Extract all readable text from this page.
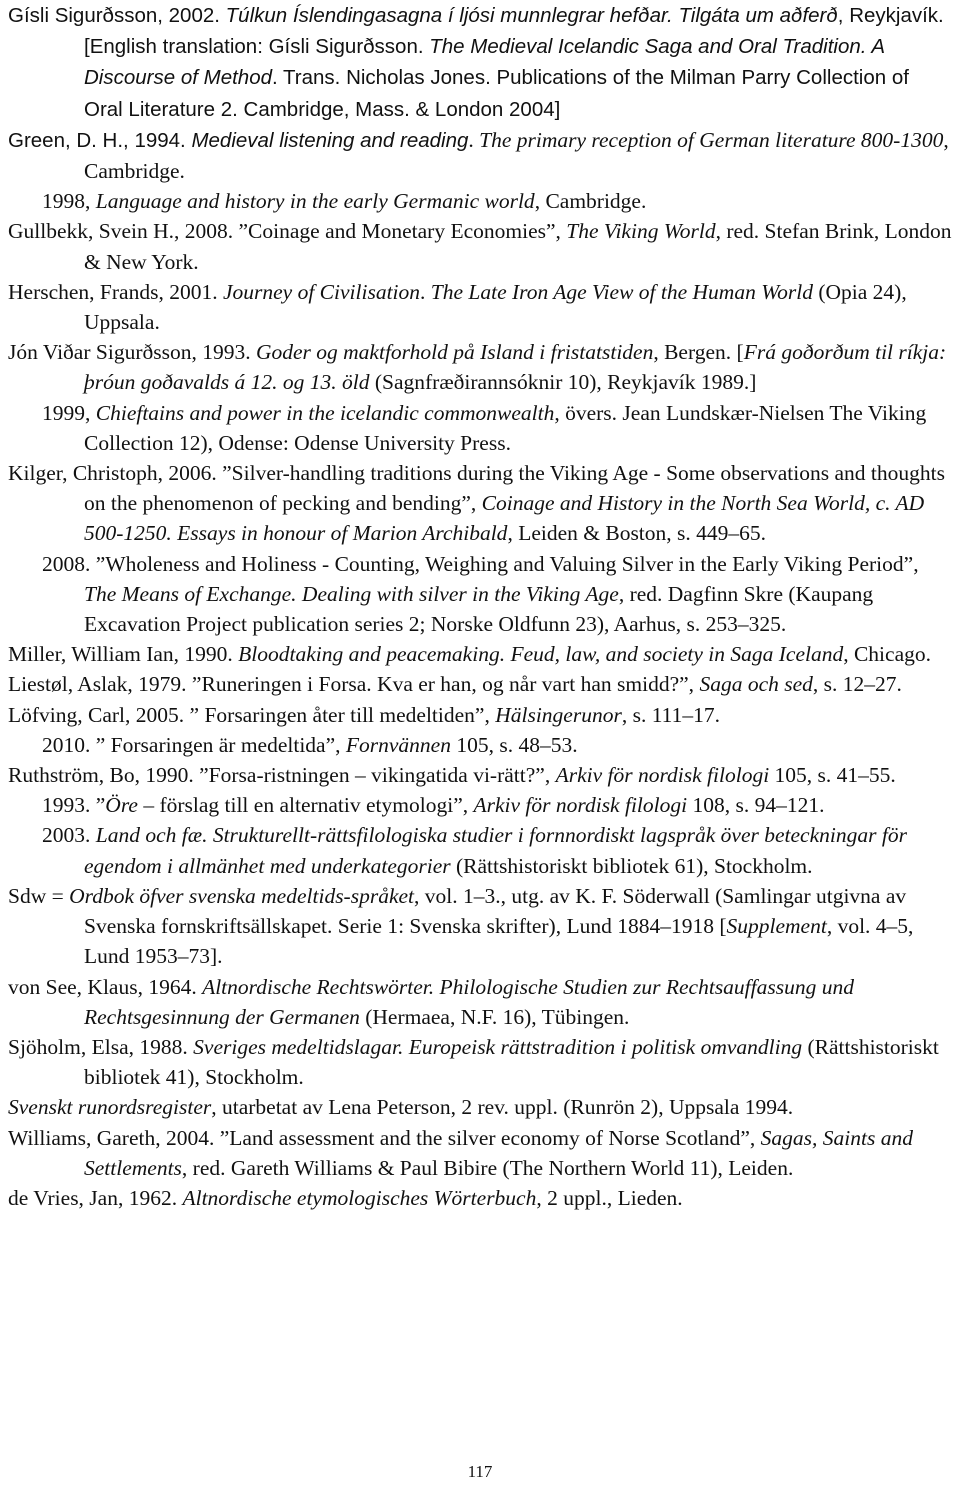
Gísli Sigurðsson, 2002. Túlkun Íslendingasagna í ljósi munnlegrar hefðar. Tilgáta um aðferð, Reykjavík. [English translation: Gísli Sigurðsson. The Medieval Icelandic Saga and Oral Tradition. A Discourse of Method. Trans. Nicholas Jones. Publications of the Milman Parry Collection of Oral Literature 2. Cambridge, Mass. & London 2004]

Green, D. H., 1994. Medieval listening and reading. The primary reception of German literature 800-1300, Cambridge.

1998, Language and history in the early Germanic world, Cambridge.

Gullbekk, Svein H., 2008. ”Coinage and Monetary Economies”, The Viking World, red. Stefan Brink, London & New York.

Herschen, Frands, 2001. Journey of Civilisation. The Late Iron Age View of the Human World (Opia 24), Uppsala.

Jón Viðar Sigurðsson, 1993. Goder og maktforhold på Island i fristatstiden, Bergen. [Frá goðorðum til ríkja: þróun goðavalds á 12. og 13. öld (Sagnfræðirannsóknir 10), Reykjavík 1989.]

1999, Chieftains and power in the icelandic commonwealth, övers. Jean Lundskær-Nielsen The Viking Collection 12), Odense: Odense University Press.

Kilger, Christoph, 2006. ”Silver-handling traditions during the Viking Age - Some observations and thoughts on the phenomenon of pecking and bending”, Coinage and History in the North Sea World, c. AD 500-1250. Essays in honour of Marion Archibald, Leiden & Boston, s. 449–65.

2008. ”Wholeness and Holiness - Counting, Weighing and Valuing Silver in the Early Viking Period”, The Means of Exchange. Dealing with silver in the Viking Age, red. Dagfinn Skre (Kaupang Excavation Project publication series 2; Norske Oldfunn 23), Aarhus, s. 253–325.

Miller, William Ian, 1990. Bloodtaking and peacemaking. Feud, law, and society in Saga Iceland, Chicago.

Liestøl, Aslak, 1979. ”Runeringen i Forsa. Kva er han, og når vart han smidd?”, Saga och sed, s. 12–27.

Löfving, Carl, 2005. ” Forsaringen åter till medeltiden”, Hälsingerunor, s. 111–17.

2010. ” Forsaringen är medeltida”, Fornvännen 105, s. 48–53.

Ruthström, Bo, 1990. ”Forsa-ristningen – vikingatida vi-rätt?”, Arkiv för nordisk filologi 105, s. 41–55.

1993. ”Öre – förslag till en alternativ etymologi”, Arkiv för nordisk filologi 108, s. 94–121.

2003. Land och fæ. Strukturellt-rättsfilologiska studier i fornnordiskt lagspråk över beteckningar för egendom i allmänhet med underkategorier (Rättshistoriskt bibliotek 61), Stockholm.

Sdw = Ordbok öfver svenska medeltids-språket, vol. 1–3., utg. av K. F. Söderwall (Samlingar utgivna av Svenska fornskriftsällskapet. Serie 1: Svenska skrifter), Lund 1884–1918 [Supplement, vol. 4–5, Lund 1953–73].

von See, Klaus, 1964. Altnordische Rechtswörter. Philologische Studien zur Rechtsauffassung und Rechtsgesinnung der Germanen (Hermaea, N.F. 16), Tübingen.

Sjöholm, Elsa, 1988. Sveriges medeltidslagar. Europeisk rättstradition i politisk omvandling (Rättshistoriskt bibliotek 41), Stockholm.

Svenskt runordsregister, utarbetat av Lena Peterson, 2 rev. uppl. (Runrön 2), Uppsala 1994.

Williams, Gareth, 2004. ”Land assessment and the silver economy of Norse Scotland”, Sagas, Saints and Settlements, red. Gareth Williams & Paul Bibire (The Northern World 11), Leiden.

de Vries, Jan, 1962. Altnordische etymologisches Wörterbuch, 2 uppl., Lieden.

117
